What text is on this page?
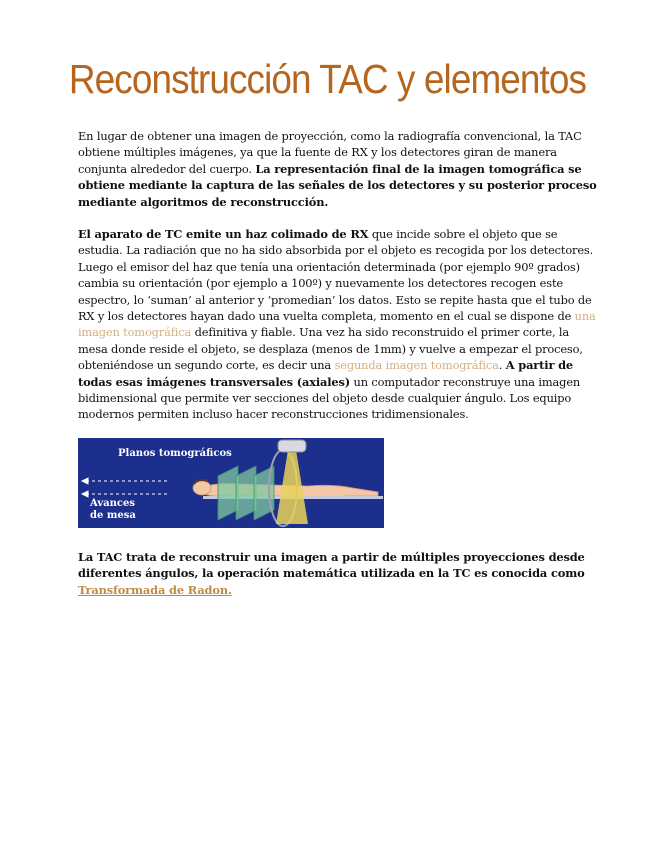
Reconstrucción TAC y elementos

En lugar de obtener una imagen de proyección, como la radiografía convencional, la TAC obtiene múltiples imágenes, ya que la fuente de RX y los detectores giran de manera conjunta alrededor del cuerpo. La representación final de la imagen tomográfica se obtiene mediante la captura de las señales de los detectores y su posterior proceso mediante algoritmos de reconstrucción.

El aparato de TC emite un haz colimado de RX que incide sobre el objeto que se estudia. La radiación que no ha sido absorbida por el objeto es recogida por los detectores. Luego el emisor del haz que tenía una orientación determinada (por ejemplo 90º grados) cambia su orientación (por ejemplo a 100º) y nuevamente los detectores recogen este espectro, lo ‘suman’ al anterior y ‘promedian’ los datos. Esto se repite hasta que el tubo de RX y los detectores hayan dado una vuelta completa, momento en el cual se dispone de una imagen tomográfica definitiva y fiable. Una vez ha sido reconstruido el primer corte, la mesa donde reside el objeto, se desplaza (menos de 1mm) y vuelve a empezar el proceso, obteniéndose un segundo corte, es decir una segunda imagen tomográfica. A partir de todas esas imágenes transversales (axiales) un computador reconstruye una imagen bidimensional que permite ver secciones del objeto desde cualquier ángulo. Los equipo modernos permiten incluso hacer reconstrucciones tridimensionales.

Planos tomográficos
Avances
de mesa

La TAC trata de reconstruir una imagen a partir de múltiples proyecciones desde diferentes ángulos, la operación matemática utilizada en la TC es conocida como Transformada de Radon.
